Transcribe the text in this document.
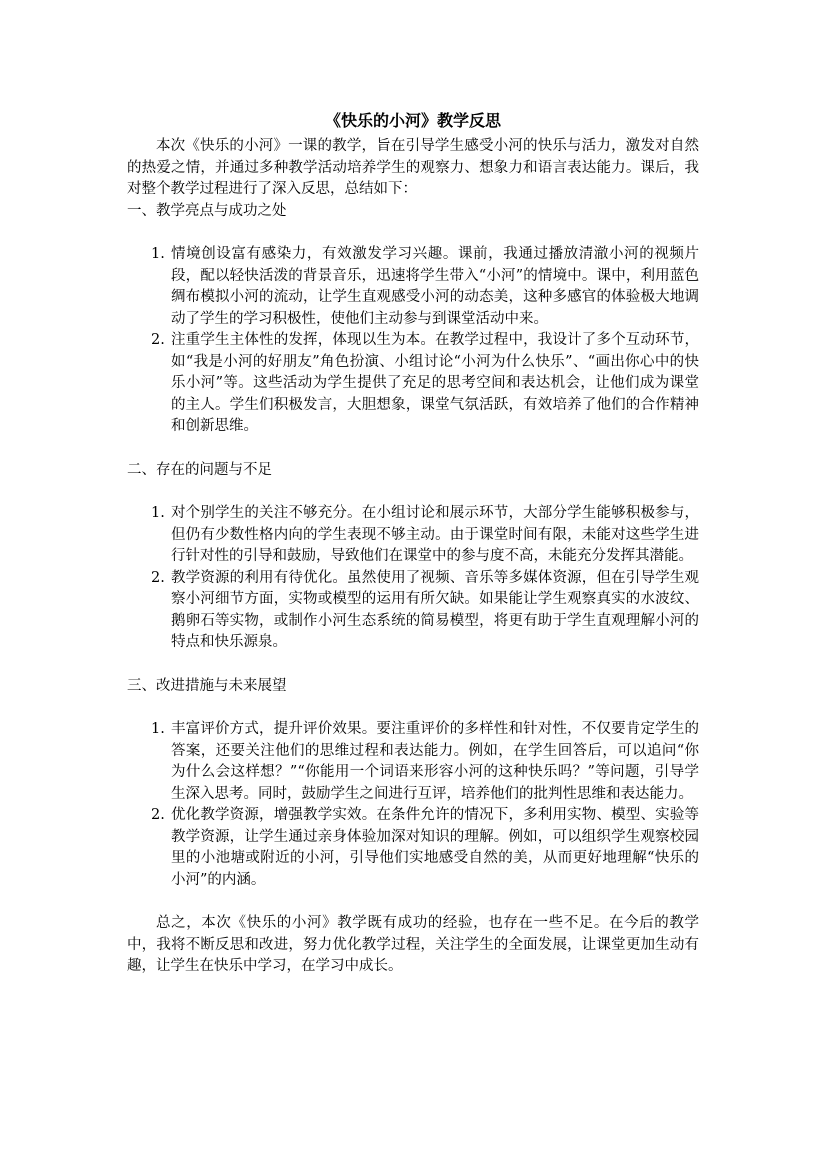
《快乐的小河》教学反思

本次《快乐的小河》一课的教学，旨在引导学生感受小河的快乐与活力，激发对自然的热爱之情，并通过多种教学活动培养学生的观察力、想象力和语言表达能力。课后，我对整个教学过程进行了深入反思，总结如下：

一、教学亮点与成功之处
1. 情境创设富有感染力，有效激发学习兴趣。课前，我通过播放清澈小河的视频片段，配以轻快活泼的背景音乐，迅速将学生带入“小河”的情境中。课中，利用蓝色绸布模拟小河的流动，让学生直观感受小河的动态美，这种多感官的体验极大地调动了学生的学习积极性，使他们主动参与到课堂活动中来。
2. 注重学生主体性的发挥，体现以生为本。在教学过程中，我设计了多个互动环节，如“我是小河的好朋友”角色扮演、小组讨论“小河为什么快乐”、“画出你心中的快乐小河”等。这些活动为学生提供了充足的思考空间和表达机会，让他们成为课堂的主人。学生们积极发言，大胆想象，课堂气氛活跃，有效培养了他们的合作精神和创新思维。
二、存在的问题与不足
1. 对个别学生的关注不够充分。在小组讨论和展示环节，大部分学生能够积极参与，但仍有少数性格内向的学生表现不够主动。由于课堂时间有限，未能对这些学生进行针对性的引导和鼓励，导致他们在课堂中的参与度不高，未能充分发挥其潜能。
2. 教学资源的利用有待优化。虽然使用了视频、音乐等多媒体资源，但在引导学生观察小河细节方面，实物或模型的运用有所欠缺。如果能让学生观察真实的水波纹、鹅卵石等实物，或制作小河生态系统的简易模型，将更有助于学生直观理解小河的特点和快乐源泉。
三、改进措施与未来展望
1. 丰富评价方式，提升评价效果。要注重评价的多样性和针对性，不仅要肯定学生的答案，还要关注他们的思维过程和表达能力。例如，在学生回答后，可以追问“你为什么会这样想？”“你能用一个词语来形容小河的这种快乐吗？”等问题，引导学生深入思考。同时，鼓励学生之间进行互评，培养他们的批判性思维和表达能力。
2. 优化教学资源，增强教学实效。在条件允许的情况下，多利用实物、模型、实验等教学资源，让学生通过亲身体验加深对知识的理解。例如，可以组织学生观察校园里的小池塘或附近的小河，引导他们实地感受自然的美，从而更好地理解“快乐的小河”的内涵。

总之，本次《快乐的小河》教学既有成功的经验，也存在一些不足。在今后的教学中，我将不断反思和改进，努力优化教学过程，关注学生的全面发展，让课堂更加生动有趣，让学生在快乐中学习，在学习中成长。
